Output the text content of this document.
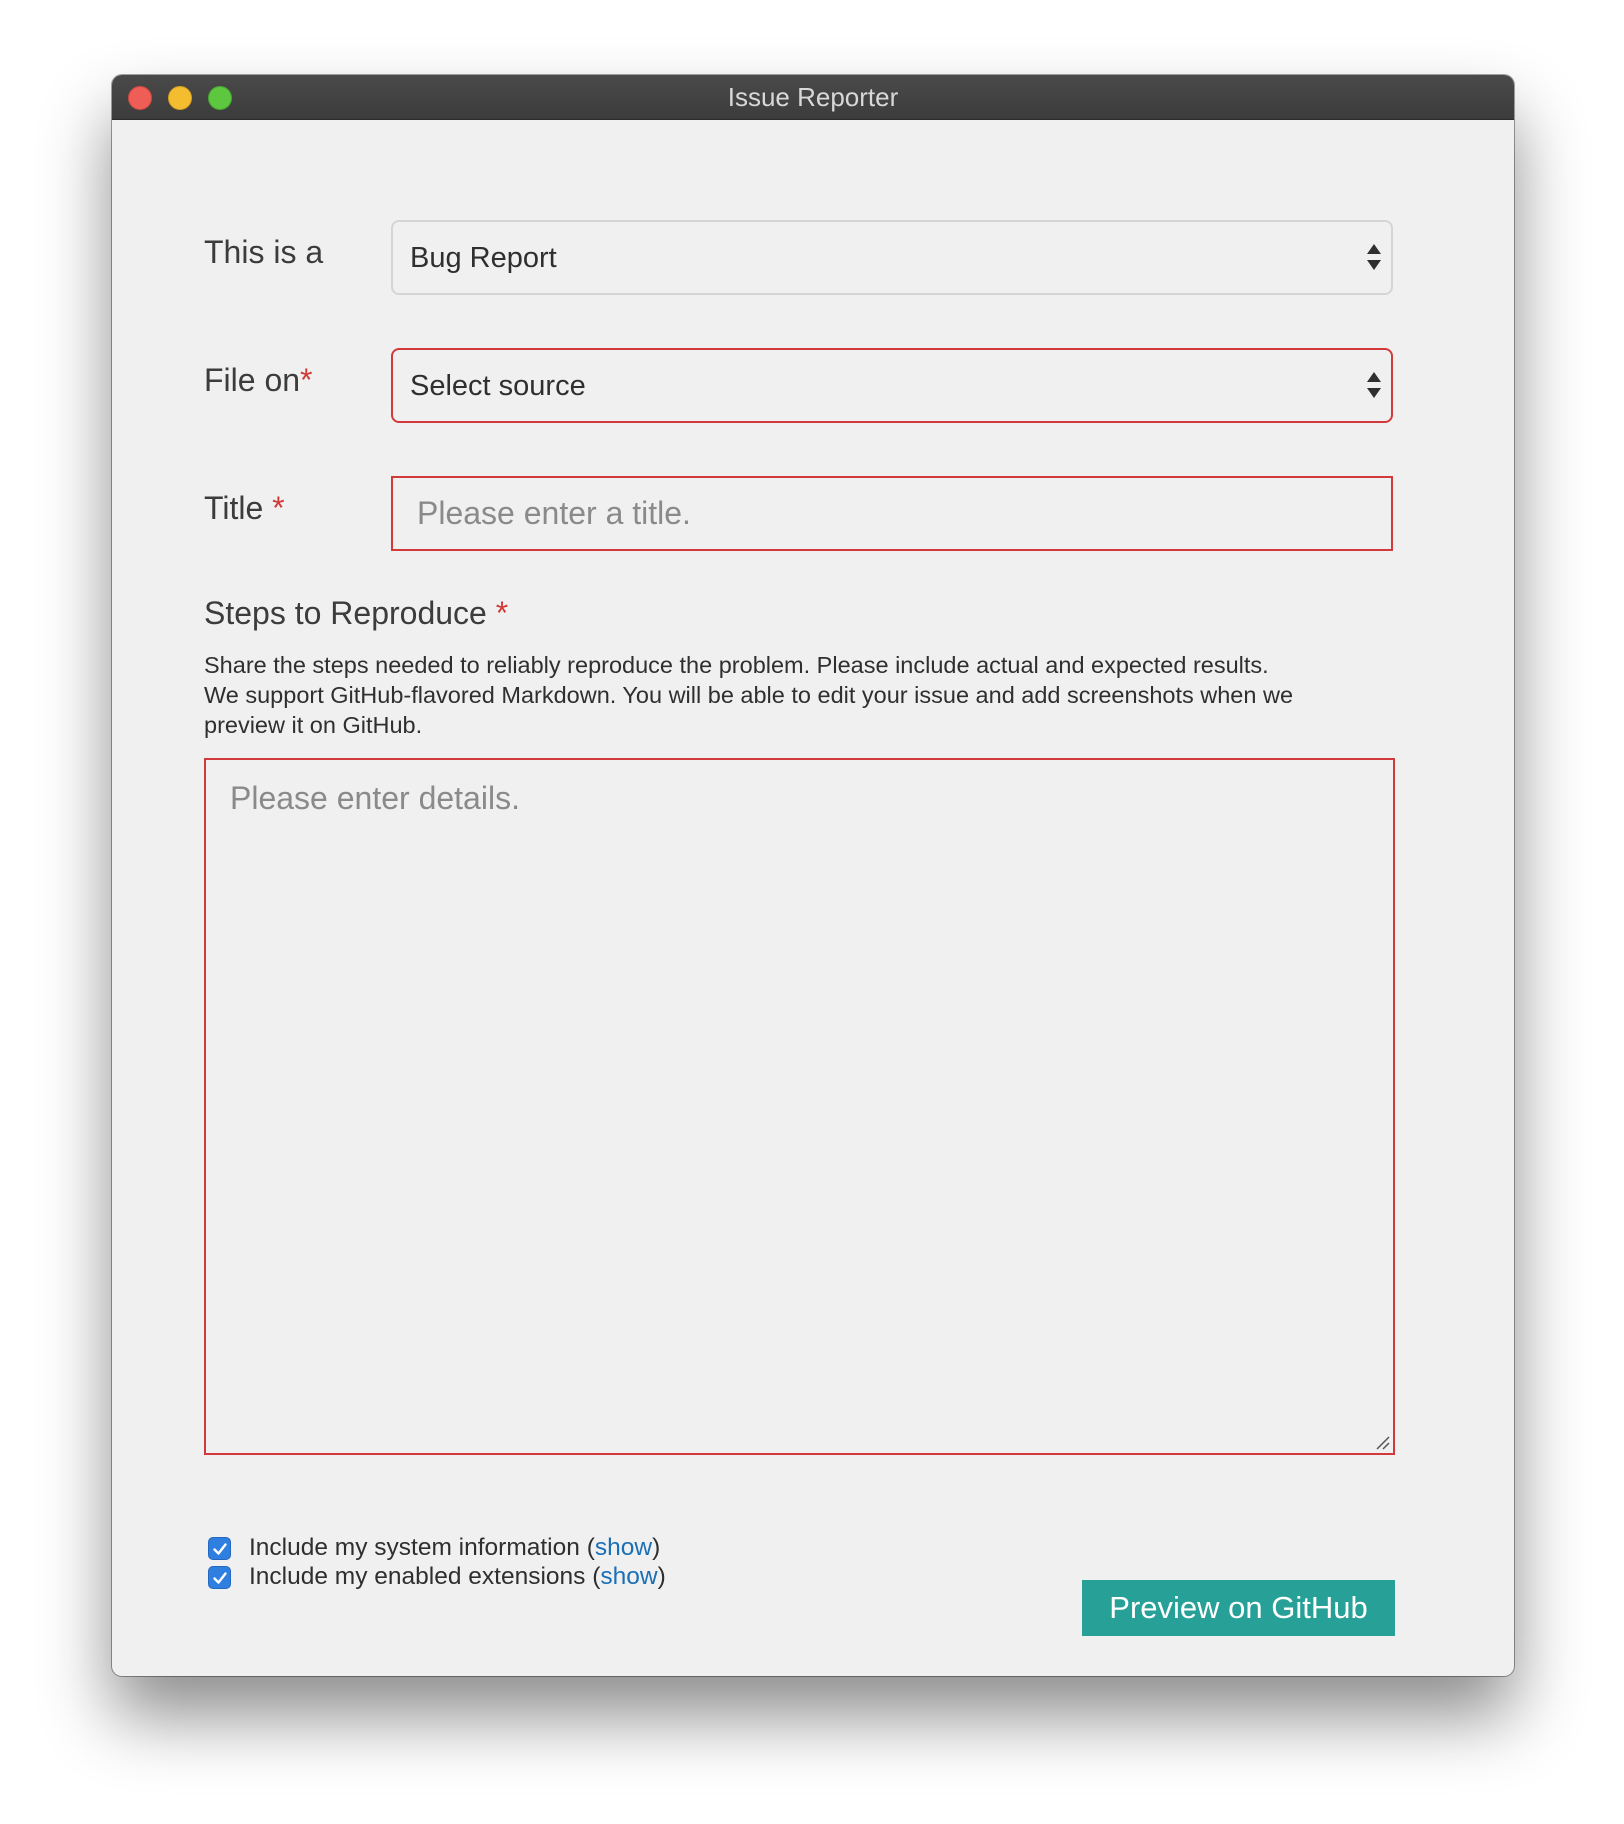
Issue Reporter
This is a	Bug Report
File on*	Select source
Title *	Please enter a title.
Steps to Reproduce *
Share the steps needed to reliably reproduce the problem. Please include actual and expected results.
We support GitHub-flavored Markdown. You will be able to edit your issue and add screenshots when we
preview it on GitHub.
Please enter details.
Include my system information (show)
Include my enabled extensions (show)
Preview on GitHub
